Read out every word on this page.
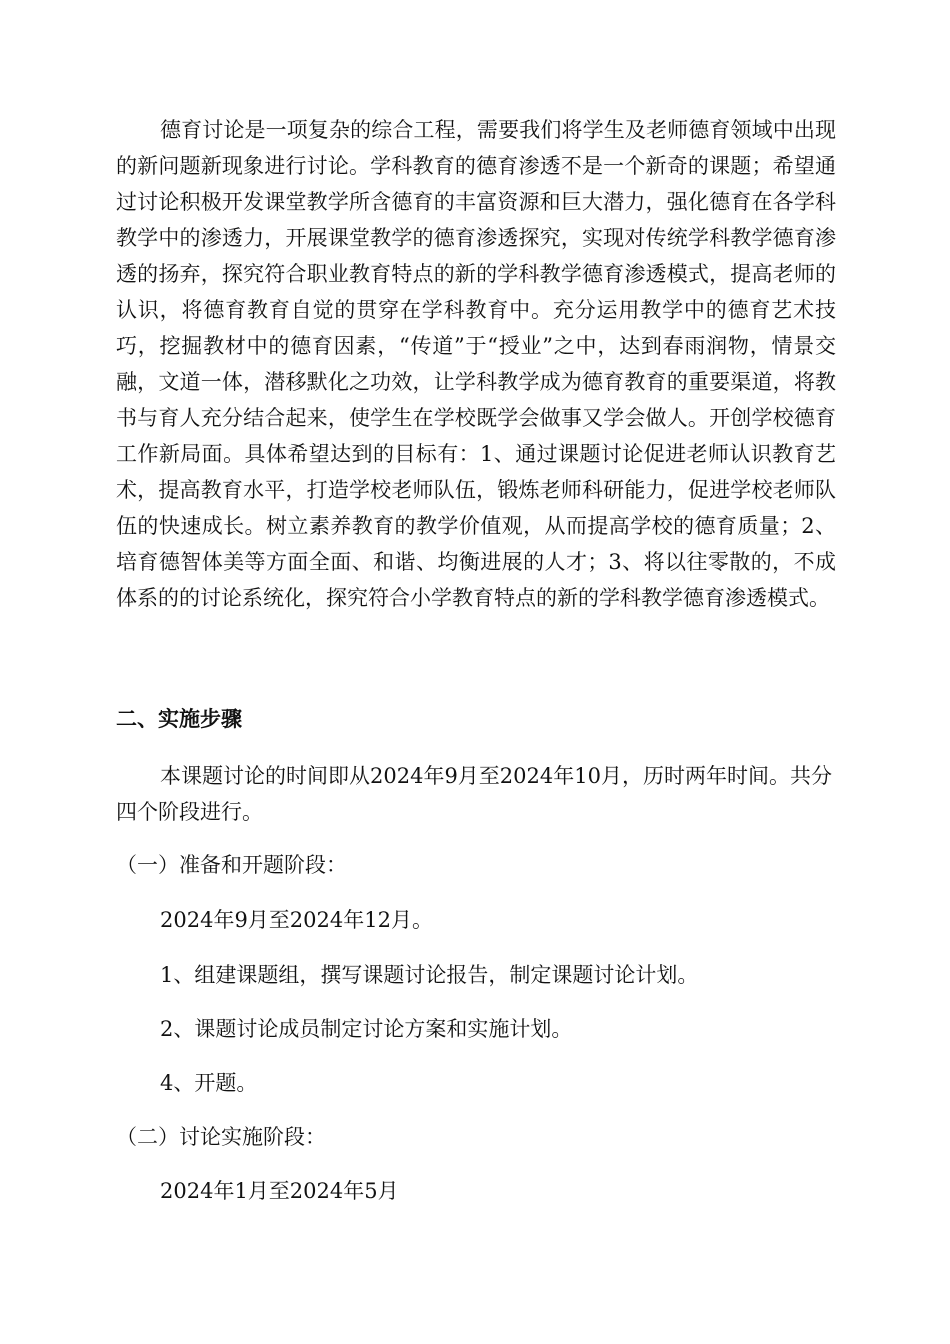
德育讨论是一项复杂的综合工程，需要我们将学生及老师德育领域中出现的新问题新现象进行讨论。学科教育的德育渗透不是一个新奇的课题；希望通过讨论积极开发课堂教学所含德育的丰富资源和巨大潜力，强化德育在各学科教学中的渗透力，开展课堂教学的德育渗透探究，实现对传统学科教学德育渗透的扬弃，探究符合职业教育特点的新的学科教学德育渗透模式，提高老师的认识，将德育教育自觉的贯穿在学科教育中。充分运用教学中的德育艺术技巧，挖掘教材中的德育因素，“传道”于“授业”之中，达到春雨润物，情景交融，文道一体，潜移默化之功效，让学科教学成为德育教育的重要渠道，将教书与育人充分结合起来，使学生在学校既学会做事又学会做人。开创学校德育工作新局面。具体希望达到的目标有：1、通过课题讨论促进老师认识教育艺术，提高教育水平，打造学校老师队伍，锻炼老师科研能力，促进学校老师队伍的快速成长。树立素养教育的教学价值观，从而提高学校的德育质量；2、培育德智体美等方面全面、和谐、均衡进展的人才；3、将以往零散的，不成体系的的讨论系统化，探究符合小学教育特点的新的学科教学德育渗透模式。

二、实施步骤

本课题讨论的时间即从2024年9月至2024年10月，历时两年时间。共分四个阶段进行。

（一）准备和开题阶段：

2024年9月至2024年12月。

1、组建课题组，撰写课题讨论报告，制定课题讨论计划。

2、课题讨论成员制定讨论方案和实施计划。

4、开题。

（二）讨论实施阶段：

2024年1月至2024年5月
